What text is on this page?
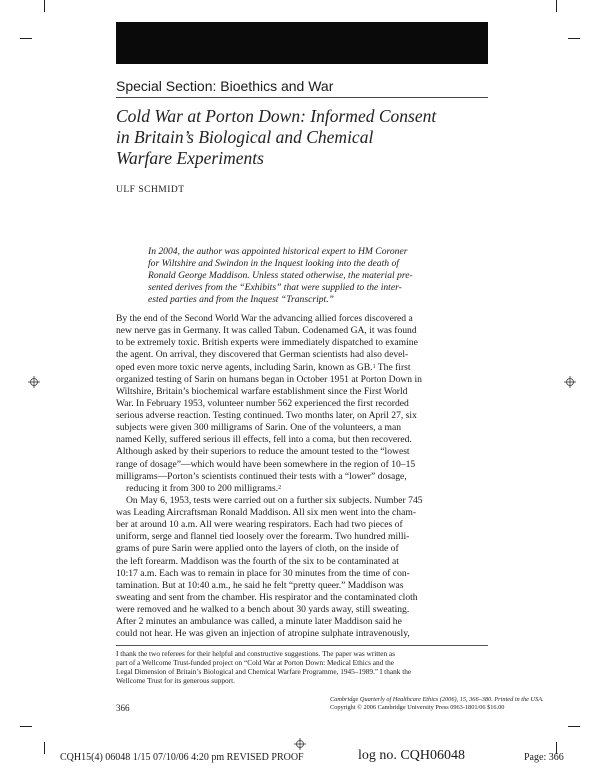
Special Section: Bioethics and War
Cold War at Porton Down: Informed Consent
in Britain’s Biological and Chemical
Warfare Experiments
ULF SCHMIDT
In 2004, the author was appointed historical expert to HM Coroner
for Wiltshire and Swindon in the Inquest looking into the death of
Ronald George Maddison. Unless stated otherwise, the material pre-
sented derives from the “Exhibits” that were supplied to the inter-
ested parties and from the Inquest “Transcript.”
By the end of the Second World War the advancing allied forces discovered a
new nerve gas in Germany. It was called Tabun. Codenamed GA, it was found
to be extremely toxic. British experts were immediately dispatched to examine
the agent. On arrival, they discovered that German scientists had also devel-
oped even more toxic nerve agents, including Sarin, known as GB.$^1$ The first
organized testing of Sarin on humans began in October 1951 at Porton Down in
Wiltshire, Britain’s biochemical warfare establishment since the First World
War. In February 1953, volunteer number 562 experienced the first recorded
serious adverse reaction. Testing continued. Two months later, on April 27, six
subjects were given 300 milligrams of Sarin. One of the volunteers, a man
named Kelly, suffered serious ill effects, fell into a coma, but then recovered.
Although asked by their superiors to reduce the amount tested to the “lowest
range of dosage”—which would have been somewhere in the region of 10–15
milligrams—Porton’s scientists continued their tests with a “lower” dosage,
reducing it from 300 to 200 milligrams.$^2$
On May 6, 1953, tests were carried out on a further six subjects. Number 745
was Leading Aircraftsman Ronald Maddison. All six men went into the cham-
ber at around 10 a.m. All were wearing respirators. Each had two pieces of
uniform, serge and flannel tied loosely over the forearm. Two hundred milli-
grams of pure Sarin were applied onto the layers of cloth, on the inside of
the left forearm. Maddison was the fourth of the six to be contaminated at
10:17 a.m. Each was to remain in place for 30 minutes from the time of con-
tamination. But at 10:40 a.m., he said he felt “pretty queer.” Maddison was
sweating and sent from the chamber. His respirator and the contaminated cloth
were removed and he walked to a bench about 30 yards away, still sweating.
After 2 minutes an ambulance was called, a minute later Maddison said he
could not hear. He was given an injection of atropine sulphate intravenously,
I thank the two referees for their helpful and constructive suggestions. The paper was written as
part of a Wellcome Trust-funded project on “Cold War at Porton Down: Medical Ethics and the
Legal Dimension of Britain’s Biological and Chemical Warfare Programme, 1945–1989.” I thank the
Wellcome Trust for its generous support.
366
Cambridge Quarterly of Healthcare Ethics (2006), 15, 366–380. Printed in the USA.
Copyright © 2006 Cambridge University Press 0963-1801/06 $16.00
CQH15(4) 06048 1/15 07/10/06 4:20 pm REVISED PROOF	log no. CQH06048	Page: 366
